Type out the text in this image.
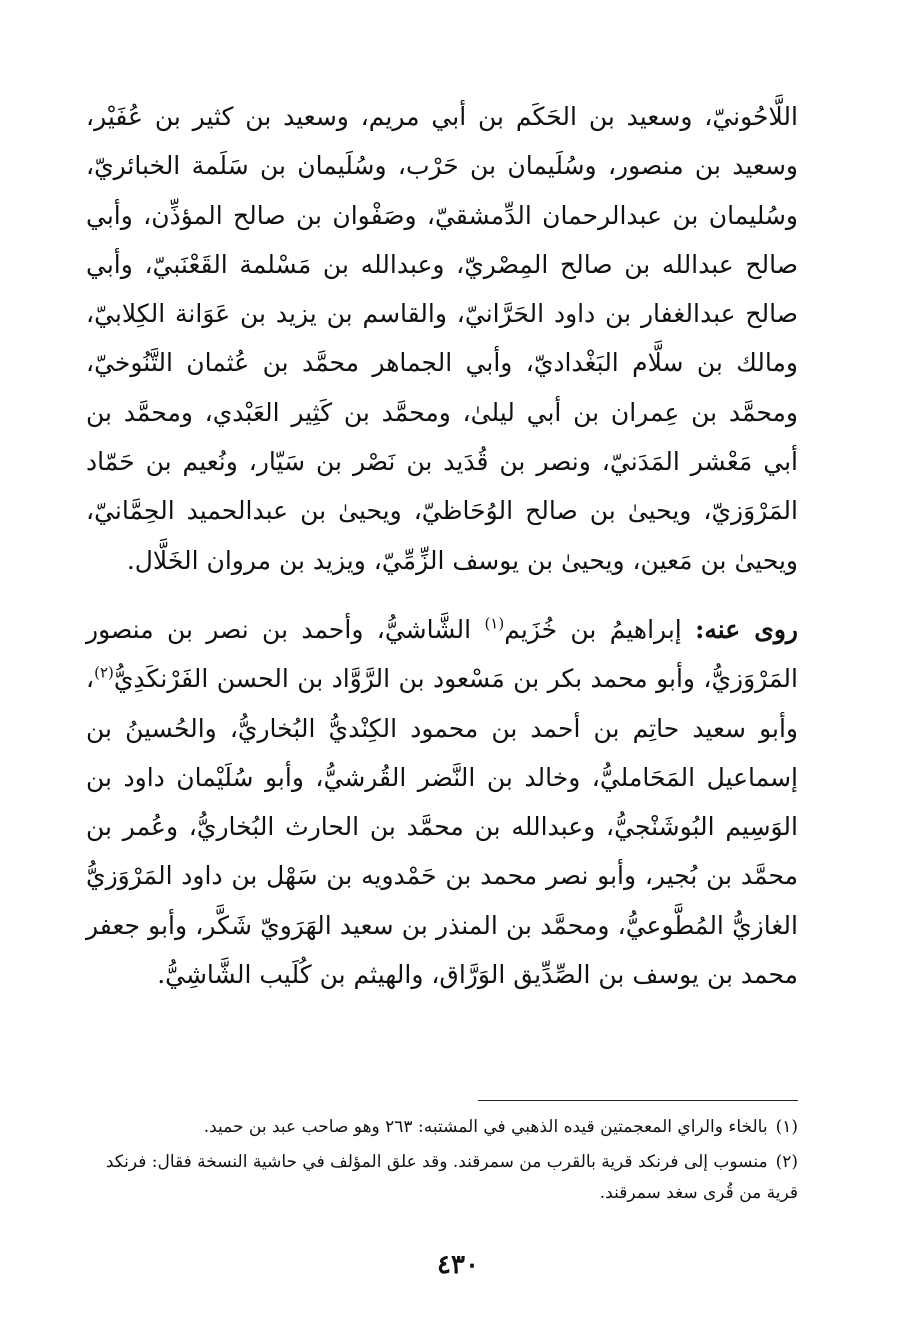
اللَّاحُونيّ، وسعيد بن الحَكَم بن أبي مريم، وسعيد بن كثير بن عُفَيْر، وسعيد بن منصور، وسُلَيمان بن حَرْب، وسُلَيمان بن سَلَمة الخبائريّ، وسُليمان بن عبدالرحمان الدِّمشقيّ، وصَفْوان بن صالح المؤذِّن، وأبي صالح عبدالله بن صالح المِصْريّ، وعبدالله بن مَسْلمة القَعْنَبيّ، وأبي صالح عبدالغفار بن داود الحَرَّانيّ، والقاسم بن يزيد بن عَوَانة الكِلابيّ، ومالك بن سلَّام البَغْداديّ، وأبي الجماهر محمَّد بن عُثمان التَّنُوخيّ، ومحمَّد بن عِمران بن أبي ليلىٰ، ومحمَّد بن كَثِير العَبْدي، ومحمَّد بن أبي مَعْشر المَدَنيّ، ونصر بن قُدَيد بن نَصْر بن سَيّار، ونُعيم بن حَمّاد المَرْوَزيّ، ويحيىٰ بن صالح الوُحَاظيّ، ويحيىٰ بن عبدالحميد الحِمَّانيّ، ويحيىٰ بن مَعين، ويحيىٰ بن يوسف الزِّمِّيّ، ويزيد بن مروان الخَلَّال.

روى عنه: إبراهيمُ بن خُزَيم$^{(١)}$ الشَّاشيُّ، وأحمد بن نصر بن منصور المَرْوَزيُّ، وأبو محمد بكر بن مَسْعود بن الرَّوَّاد بن الحسن الفَرْنكَدِيُّ$^{(٢)}$، وأبو سعيد حاتِم بن أحمد بن محمود الكِنْديُّ البُخاريُّ، والحُسينُ بن إسماعيل المَحَامليُّ، وخالد بن النَّضر القُرشيُّ، وأبو سُلَيْمان داود بن الوَسِيم البُوشَنْجيُّ، وعبدالله بن محمَّد بن الحارث البُخاريُّ، وعُمر بن محمَّد بن بُجير، وأبو نصر محمد بن حَمْدويه بن سَهْل بن داود المَرْوَزيُّ الغازيُّ المُطَّوعيُّ، ومحمَّد بن المنذر بن سعيد الهَرَويّ شَكَّر، وأبو جعفر محمد بن يوسف بن الصِّدِّيق الوَرَّاق، والهيثم بن كُلَيب الشَّاشِيُّ.

(١)بالخاء والراي المعجمتين قيده الذهبي في المشتبه: ٢٦٣ وهو صاحب عبد بن حميد.

(٢)منسوب إلى فرنكد قرية بالقرب من سمرقند. وقد علق المؤلف في حاشية النسخة فقال: فرنكد قرية من قُرى سغد سمرقند.

٤٣٠
